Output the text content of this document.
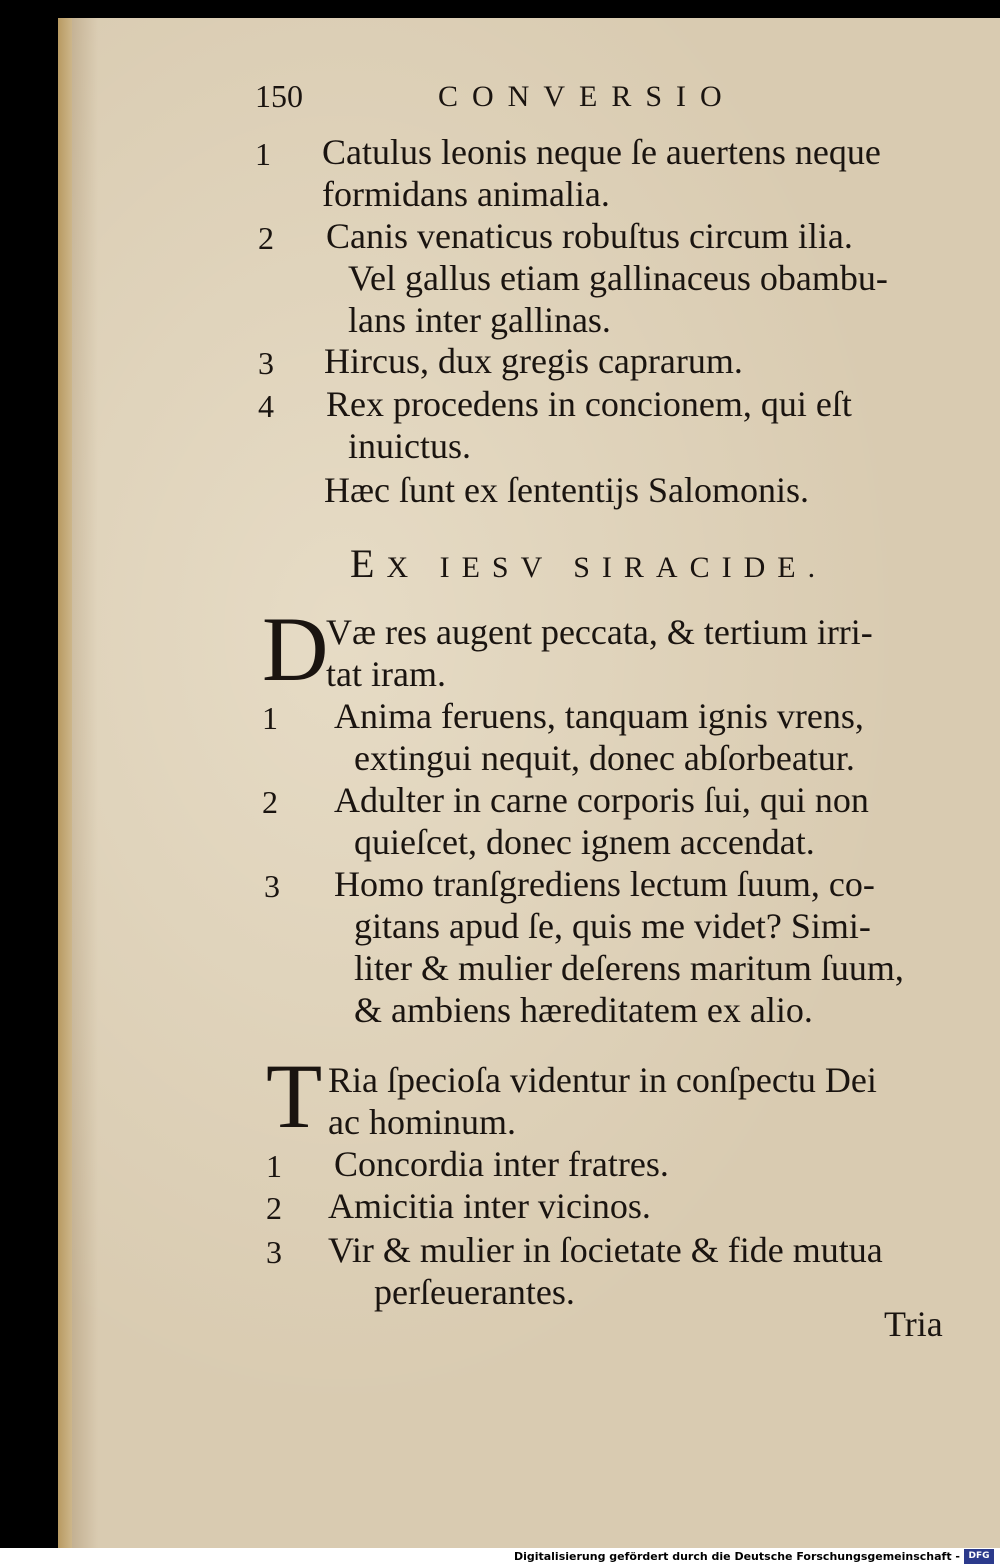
150	CONVERSIO
1 Catulus leonis neque ſe auertens neque
formidans animalia.
2 Canis venaticus robuſtus circum ilia.
Vel gallus etiam gallinaceus obambu-
lans inter gallinas.
3 Hircus, dux gregis caprarum.
4 Rex procedens in concionem, qui eſt
inuictus.
Hæc ſunt ex ſententijs Salomonis.
EX IESV SIRACIDE.
D
Væ res augent peccata, & tertium irri-
tat iram.
1 Anima feruens, tanquam ignis vrens,
extingui nequit, donec abſorbeatur.
2 Adulter in carne corporis ſui, qui non
quieſcet, donec ignem accendat.
3 Homo tranſgrediens lectum ſuum, co-
gitans apud ſe, quis me videt? Simi-
liter & mulier deſerens maritum ſuum,
& ambiens hæreditatem ex alio.
T Ria ſpecioſa videntur in conſpectu Dei
ac hominum.
1 Concordia inter fratres.
2 Amicitia inter vicinos.
3 Vir & mulier in ſocietate & fide mutua
perſeuerantes.
Tria
Digitalisierung gefördert durch die Deutsche Forschungsgemeinschaft - DFG
